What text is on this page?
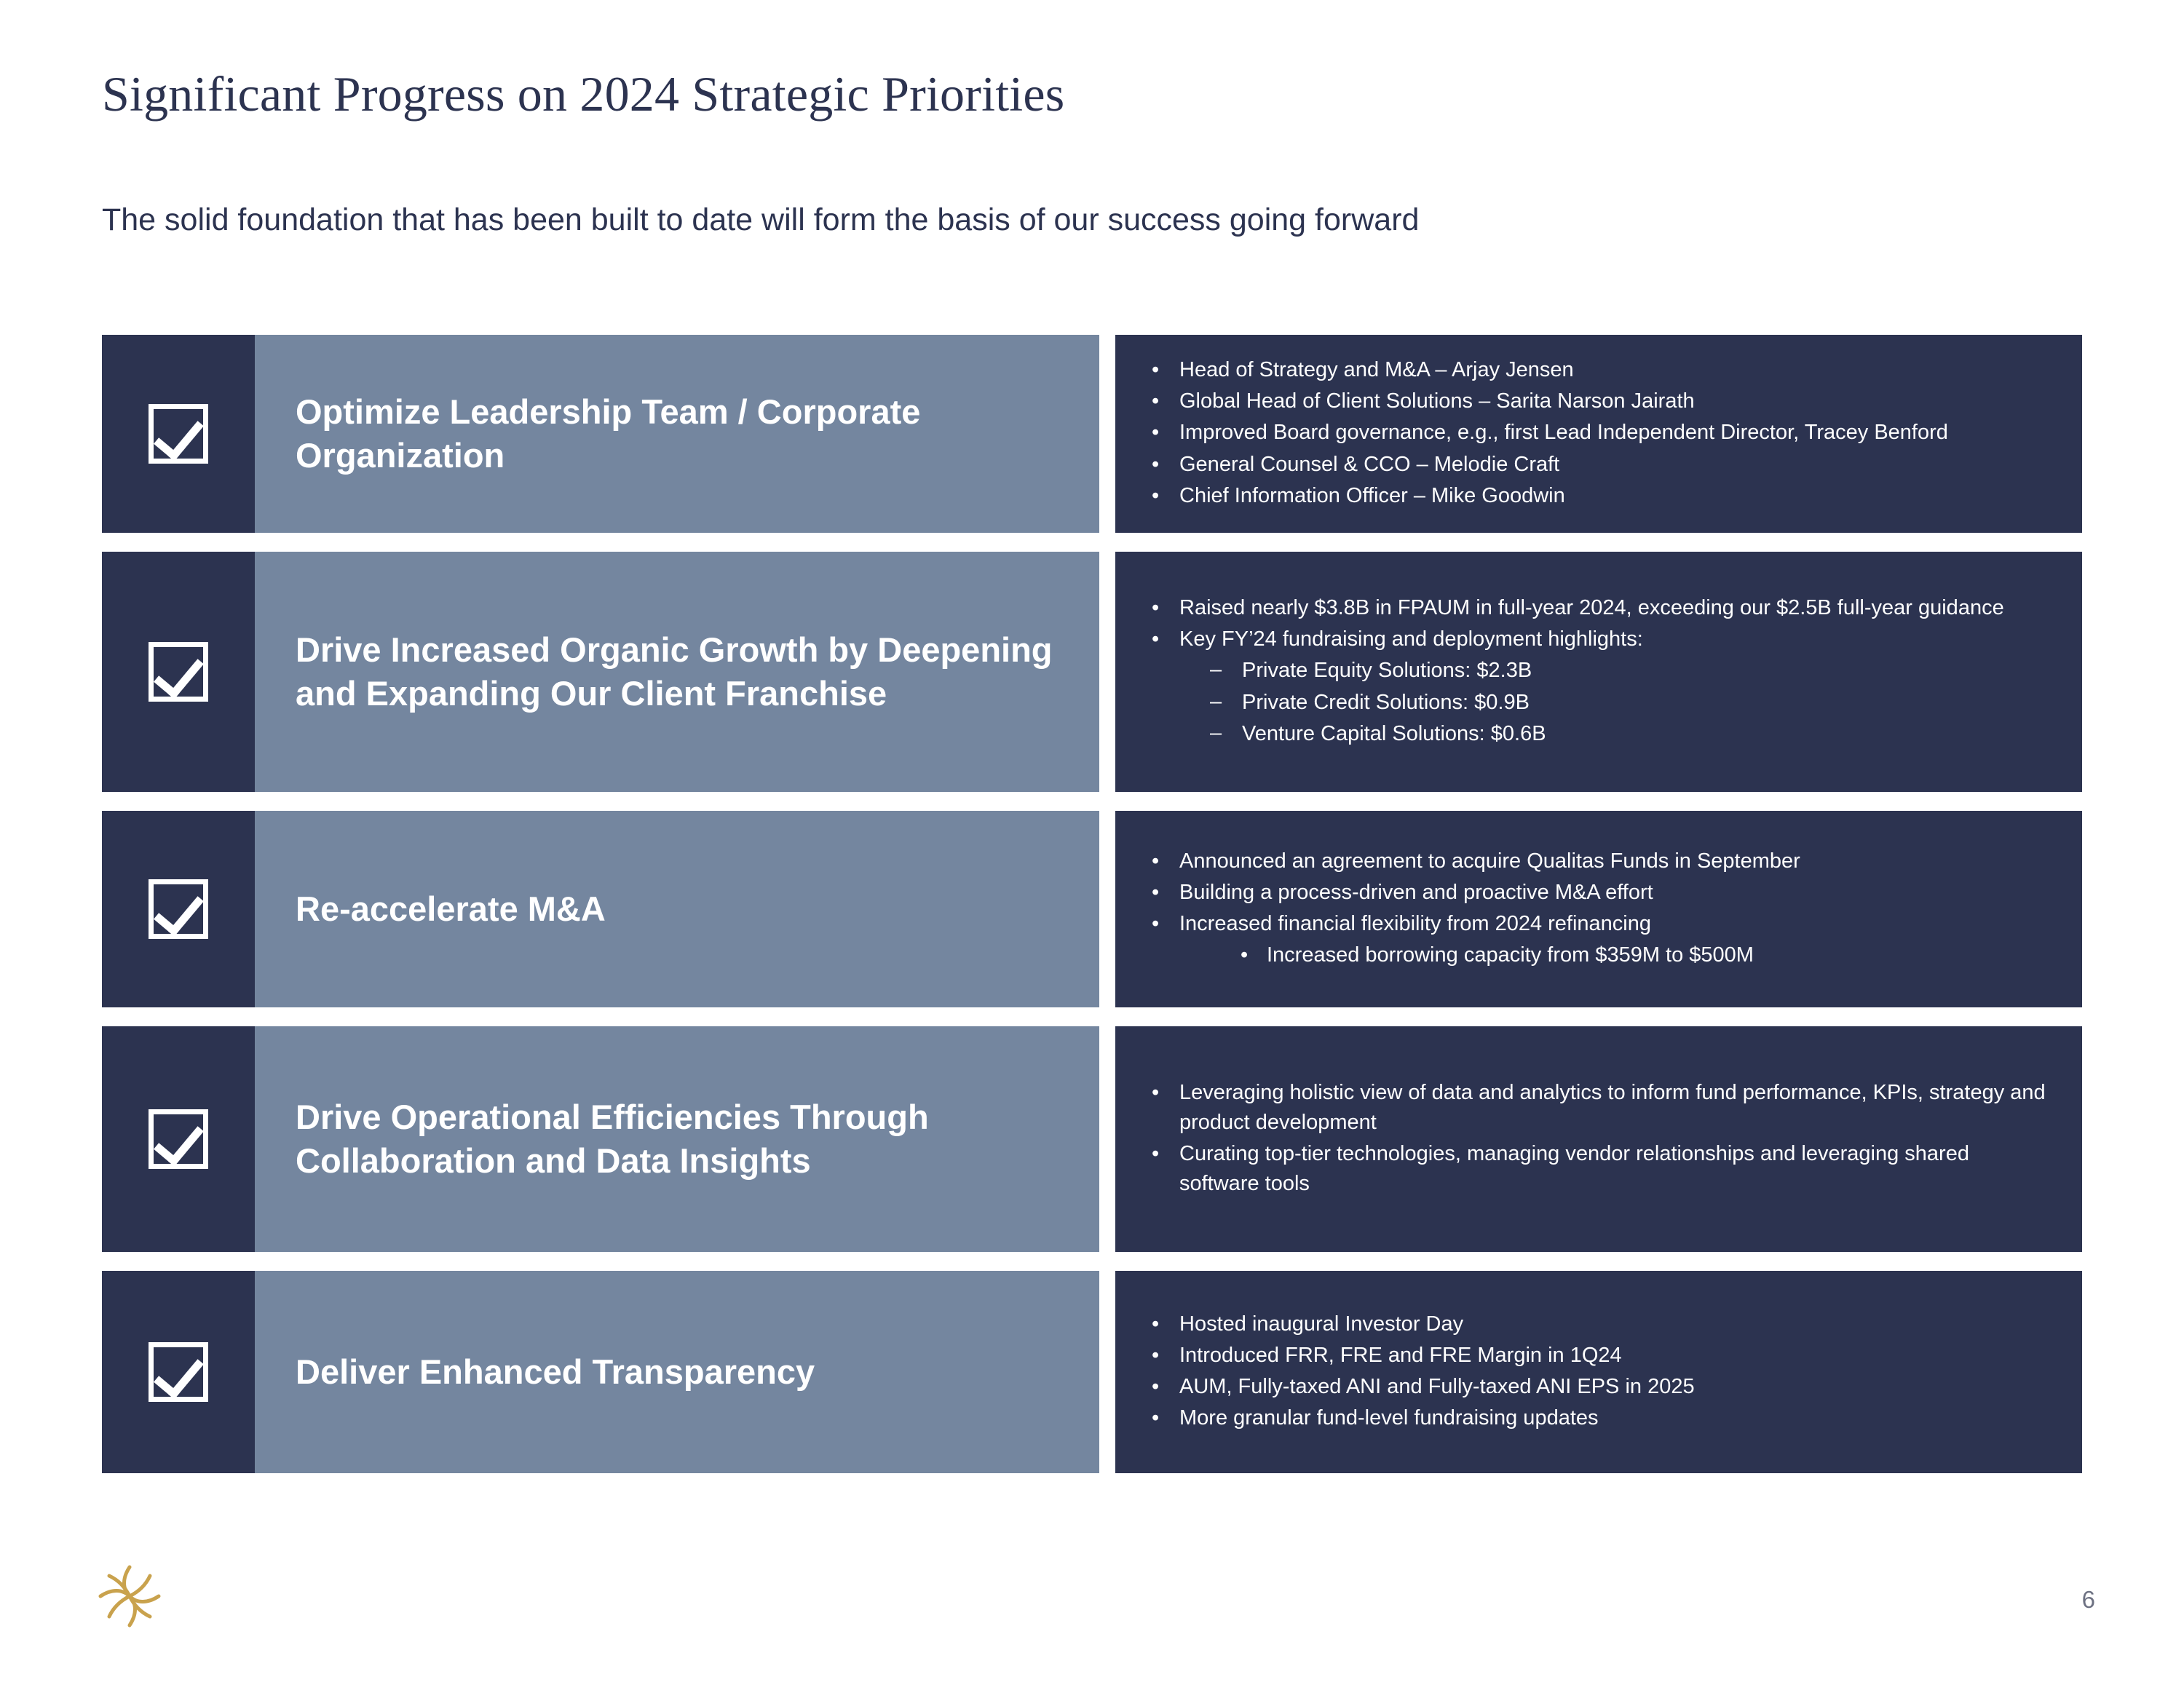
Significant Progress on 2024 Strategic Priorities
The solid foundation that has been built to date will form the basis of our success going forward
Optimize Leadership Team / Corporate Organization
• Head of Strategy and M&A – Arjay Jensen
• Global Head of Client Solutions – Sarita Narson Jairath
• Improved Board governance, e.g., first Lead Independent Director, Tracey Benford
• General Counsel & CCO – Melodie Craft
• Chief Information Officer – Mike Goodwin
Drive Increased Organic Growth by Deepening and Expanding Our Client Franchise
• Raised nearly $3.8B in FPAUM in full-year 2024, exceeding our $2.5B full-year guidance
• Key FY’24 fundraising and deployment highlights:
– Private Equity Solutions: $2.3B
– Private Credit Solutions: $0.9B
– Venture Capital Solutions: $0.6B
Re-accelerate M&A
• Announced an agreement to acquire Qualitas Funds in September
• Building a process-driven and proactive M&A effort
• Increased financial flexibility from 2024 refinancing
• Increased borrowing capacity from $359M to $500M
Drive Operational Efficiencies Through Collaboration and Data Insights
• Leveraging holistic view of data and analytics to inform fund performance, KPIs, strategy and product development
• Curating top-tier technologies, managing vendor relationships and leveraging shared software tools
Deliver Enhanced Transparency
• Hosted inaugural Investor Day
• Introduced FRR, FRE and FRE Margin in 1Q24
• AUM, Fully-taxed ANI and Fully-taxed ANI EPS in 2025
• More granular fund-level fundraising updates
6
